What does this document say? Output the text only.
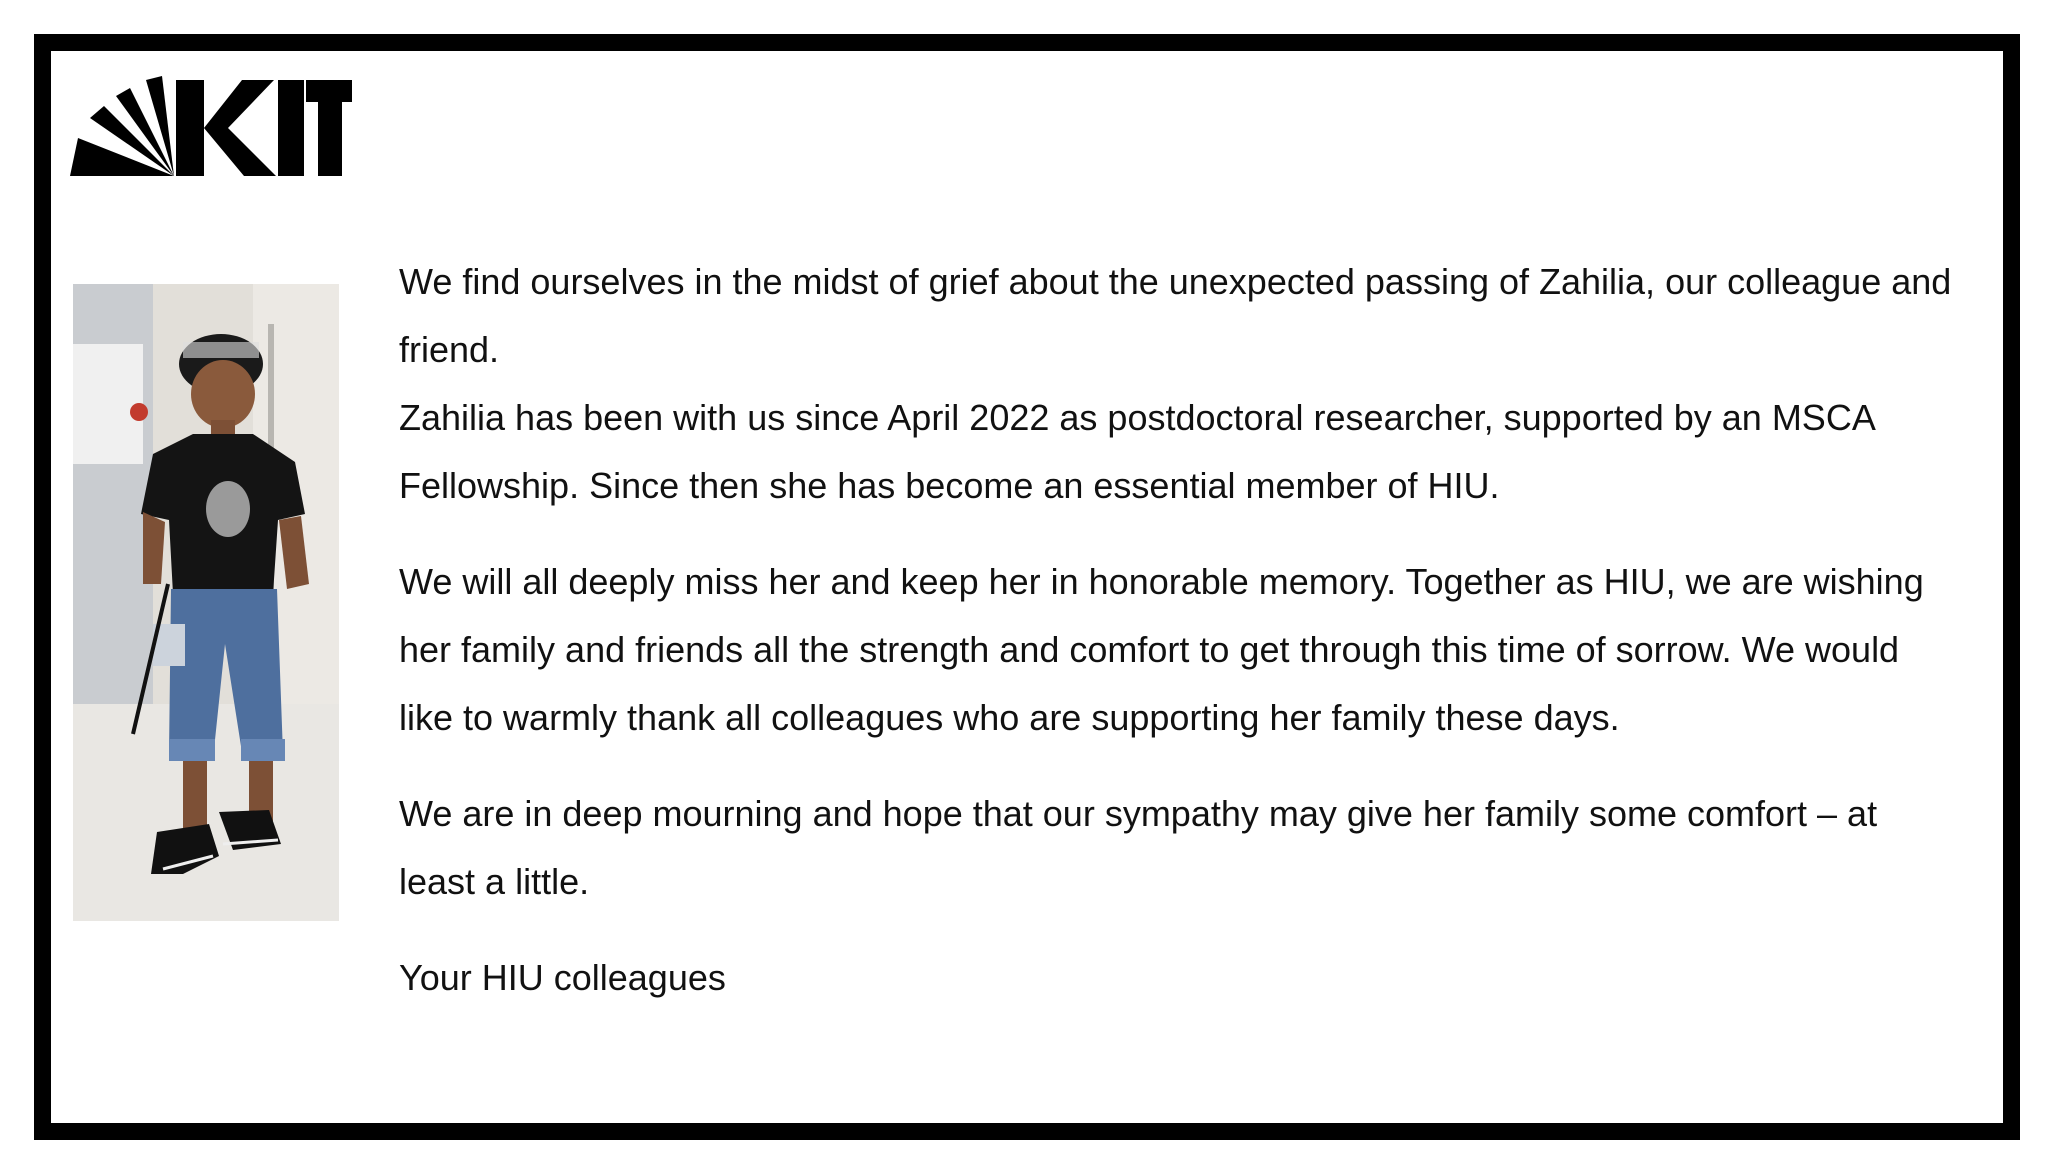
We find ourselves in the midst of grief about the unexpected passing of Zahilia, our colleague and friend.

Zahilia has been with us since April 2022 as postdoctoral researcher, supported by an MSCA Fellowship. Since then she has become an essential member of HIU.

We will all deeply miss her and keep her in honorable memory. Together as HIU, we are wishing her family and friends all the strength and comfort to get through this time of sorrow. We would like to warmly thank all colleagues who are supporting her family these days.

We are in deep mourning and hope that our sympathy may give her family some comfort – at least a little.

Your HIU colleagues
